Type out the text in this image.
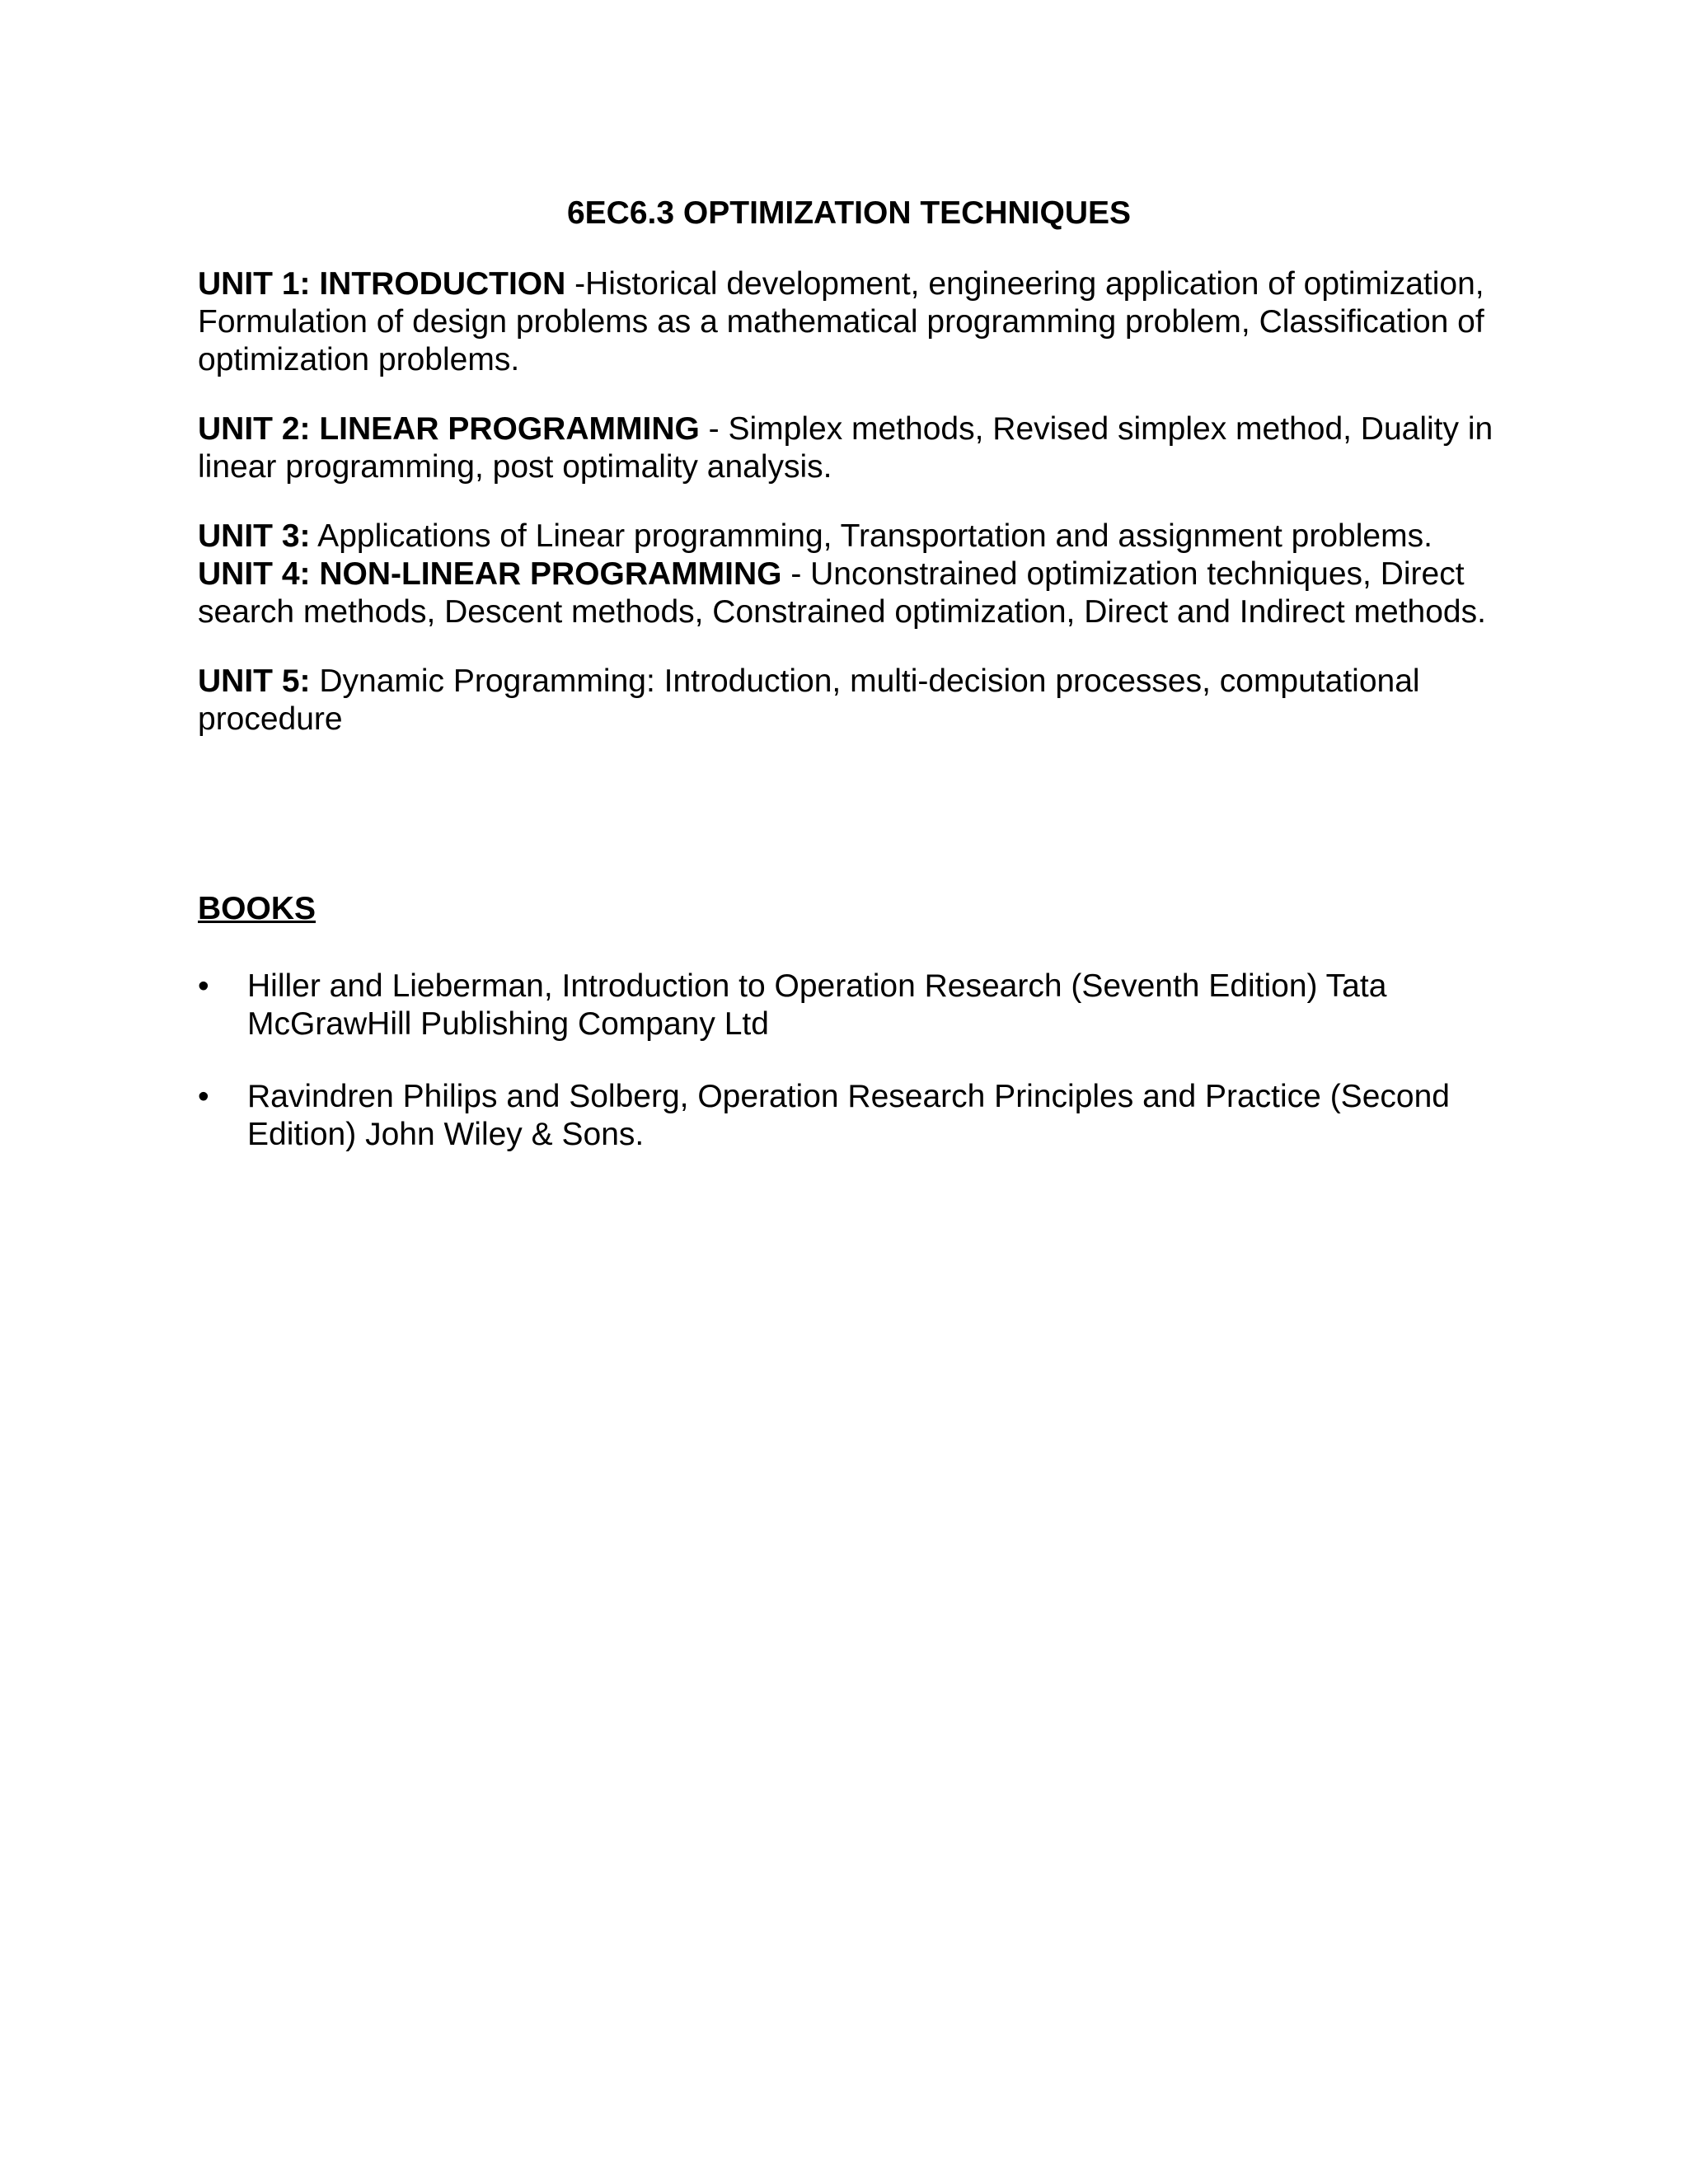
6EC6.3 OPTIMIZATION TECHNIQUES

UNIT 1: INTRODUCTION -Historical development, engineering application of optimization, Formulation of design problems as a mathematical programming problem, Classification of optimization problems.

UNIT 2: LINEAR PROGRAMMING - Simplex methods, Revised simplex method, Duality in linear programming, post optimality analysis.

UNIT 3: Applications of Linear programming, Transportation and assignment problems.

UNIT 4: NON-LINEAR PROGRAMMING - Unconstrained optimization techniques, Direct search methods, Descent methods, Constrained optimization, Direct and Indirect methods.

UNIT 5: Dynamic Programming: Introduction, multi-decision processes, computational procedure

BOOKS
• Hiller and Lieberman, Introduction to Operation Research (Seventh Edition) Tata McGrawHill Publishing Company Ltd
• Ravindren Philips and Solberg, Operation Research Principles and Practice (Second Edition) John Wiley & Sons.
